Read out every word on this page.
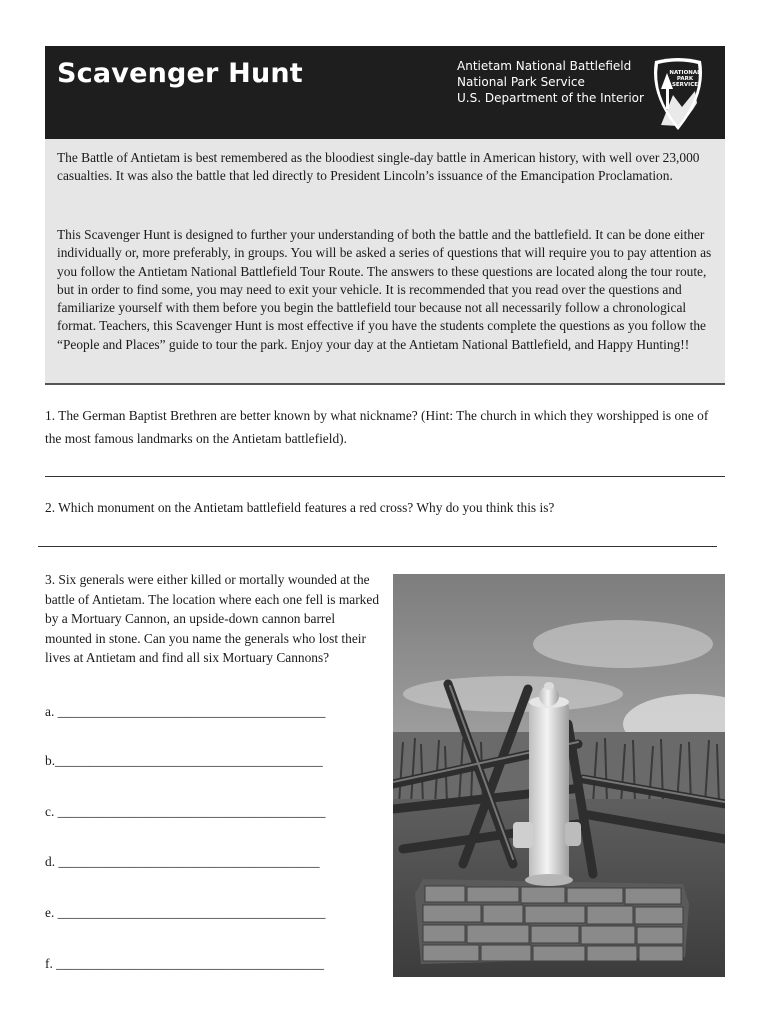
Scavenger Hunt	Antietam National Battlefield
National Park Service
U.S. Department of the Interior
NATIONAL
PARK
SERVICE

The Battle of Antietam is best remembered as the bloodiest single-day battle in American history, with well over 23,000 casualties. It was also the battle that led directly to President Lincoln’s issuance of the Emancipation Proclamation.

This Scavenger Hunt is designed to further your understanding of both the battle and the battlefield. It can be done either individually or, more preferably, in groups. You will be asked a series of questions that will require you to pay attention as you follow the Antietam National Battlefield Tour Route. The answers to these questions are located along the tour route, but in order to find some, you may need to exit your vehicle. It is recommended that you read over the questions and familiarize yourself with them before you begin the battlefield tour because not all necessarily follow a chronological format. Teachers, this Scavenger Hunt is most effective if you have the students complete the questions as you follow the “People and Places” guide to tour the park. Enjoy your day at the Antietam National Battlefield, and Happy Hunting!!

1. The German Baptist Brethren are better known by what nickname? (Hint: The church in which they worshipped is one of the most famous landmarks on the Antietam battlefield).

2. Which monument on the Antietam battlefield features a red cross? Why do you think this is?

3. Six generals were either killed or mortally wounded at the battle of Antietam. The location where each one fell is marked by a Mortuary Cannon, an upside-down cannon barrel mounted in stone. Can you name the generals who lost their lives at Antietam and find all six Mortuary Cannons?

a. ________________________________________
b.________________________________________
c. ________________________________________
d. _______________________________________
e. ________________________________________
f. ________________________________________
